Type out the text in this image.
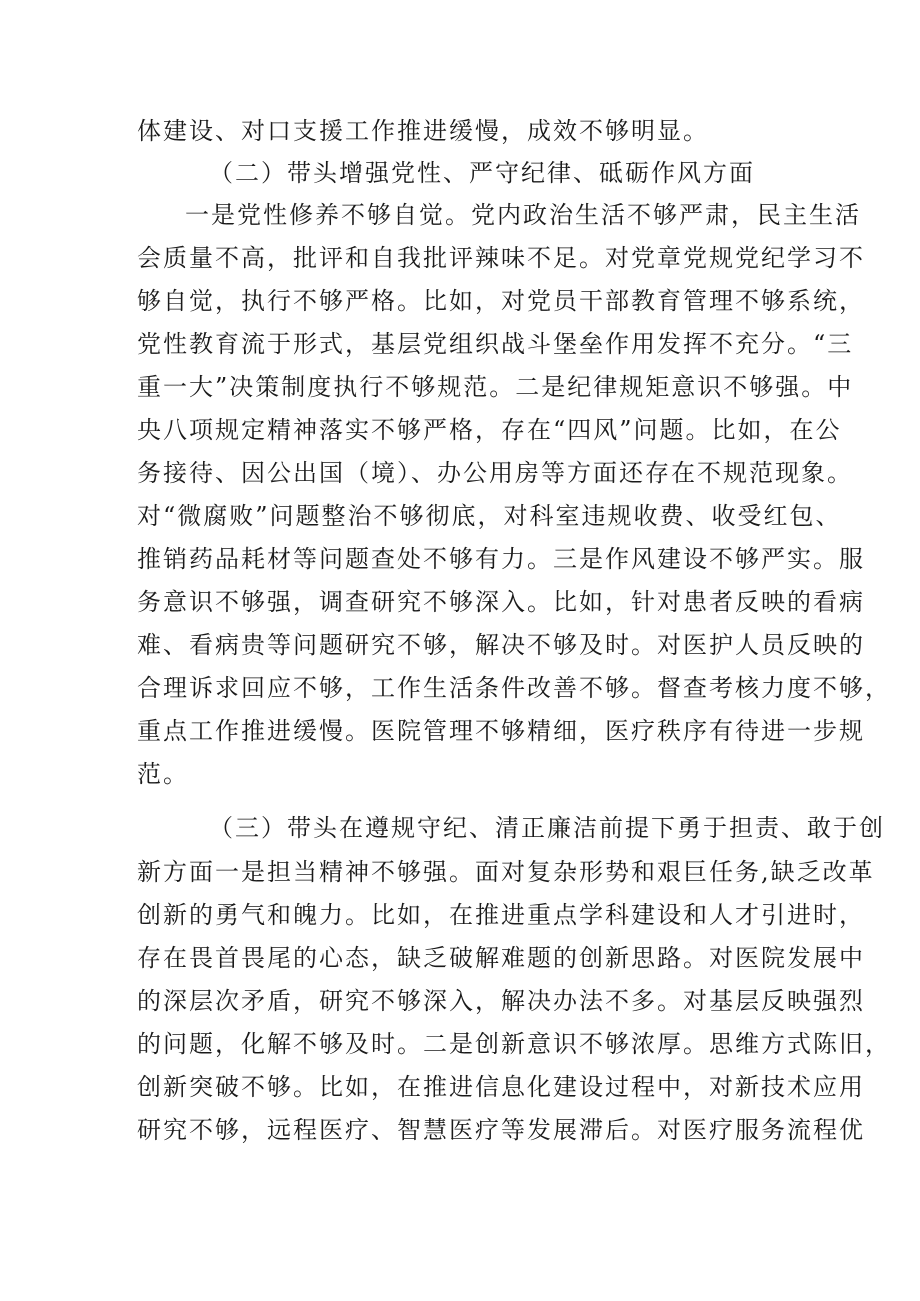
体建设、对口支援工作推进缓慢，成效不够明显。
（二）带头增强党性、严守纪律、砥砺作风方面
一是党性修养不够自觉。党内政治生活不够严肃，民主生活
会质量不高，批评和自我批评辣味不足。对党章党规党纪学习不
够自觉，执行不够严格。比如，对党员干部教育管理不够系统，
党性教育流于形式，基层党组织战斗堡垒作用发挥不充分。“三
重一大”决策制度执行不够规范。二是纪律规矩意识不够强。中
央八项规定精神落实不够严格，存在“四风”问题。比如，在公
务接待、因公出国（境）、办公用房等方面还存在不规范现象。
对“微腐败”问题整治不够彻底，对科室违规收费、收受红包、
推销药品耗材等问题查处不够有力。三是作风建设不够严实。服
务意识不够强，调查研究不够深入。比如，针对患者反映的看病
难、看病贵等问题研究不够，解决不够及时。对医护人员反映的
合理诉求回应不够，工作生活条件改善不够。督查考核力度不够，
重点工作推进缓慢。医院管理不够精细，医疗秩序有待进一步规
范。
（三）带头在遵规守纪、清正廉洁前提下勇于担责、敢于创
新方面一是担当精神不够强。面对复杂形势和艰巨任务,缺乏改革
创新的勇气和魄力。比如，在推进重点学科建设和人才引进时，
存在畏首畏尾的心态，缺乏破解难题的创新思路。对医院发展中
的深层次矛盾，研究不够深入，解决办法不多。对基层反映强烈
的问题，化解不够及时。二是创新意识不够浓厚。思维方式陈旧，
创新突破不够。比如，在推进信息化建设过程中，对新技术应用
研究不够，远程医疗、智慧医疗等发展滞后。对医疗服务流程优
